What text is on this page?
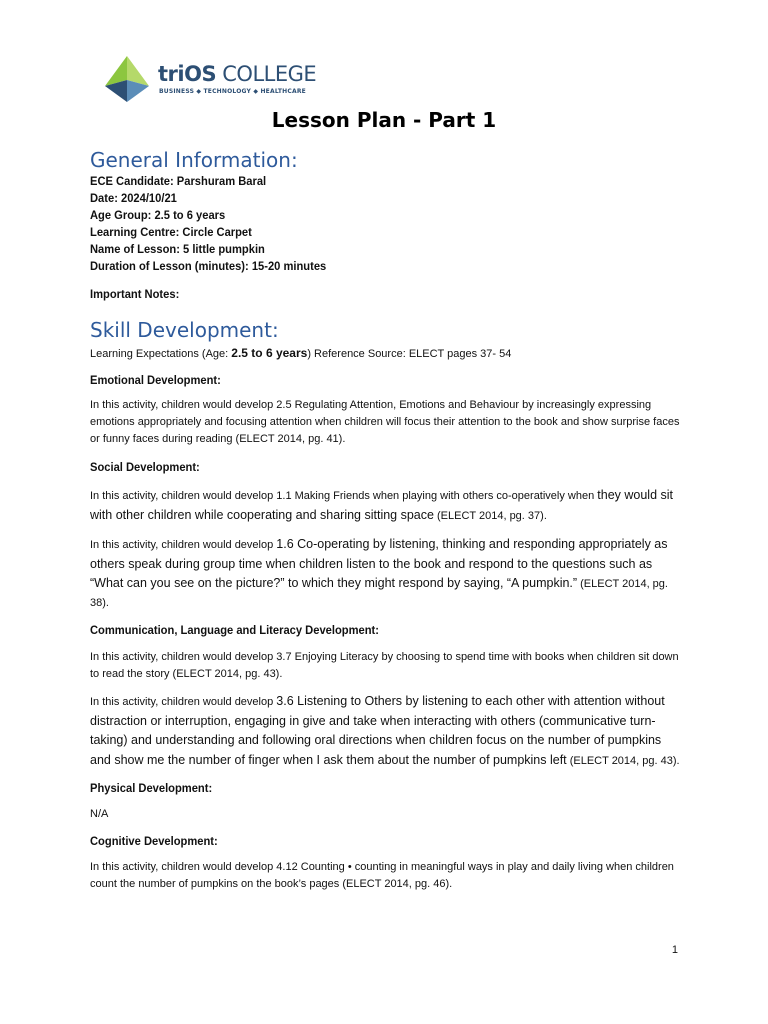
triOS COLLEGE
BUSINESS ◆ TECHNOLOGY ◆ HEALTHCARE
Lesson Plan - Part 1
General Information:
ECE Candidate: Parshuram Baral
Date: 2024/10/21
Age Group: 2.5 to 6 years
Learning Centre: Circle Carpet
Name of Lesson: 5 little pumpkin
Duration of Lesson (minutes): 15-20 minutes
Important Notes:
Skill Development:

Learning Expectations (Age: 2.5 to 6 years) Reference Source: ELECT pages 37- 54

Emotional Development:

In this activity, children would develop 2.5 Regulating Attention, Emotions and Behaviour by increasingly expressing emotions appropriately and focusing attention when children will focus their attention to the book and show surprise faces or funny faces during reading (ELECT 2014, pg. 41).

Social Development:

In this activity, children would develop 1.1 Making Friends when playing with others co-operatively when they would sit with other children while cooperating and sharing sitting space (ELECT 2014, pg. 37).

In this activity, children would develop 1.6 Co-operating by listening, thinking and responding appropriately as others speak during group time when children listen to the book and respond to the questions such as “What can you see on the picture?” to which they might respond by saying, “A pumpkin.” (ELECT 2014, pg. 38).

Communication, Language and Literacy Development:

In this activity, children would develop 3.7 Enjoying Literacy by choosing to spend time with books when children sit down to read the story (ELECT 2014, pg. 43).

In this activity, children would develop 3.6 Listening to Others by listening to each other with attention without distraction or interruption, engaging in give and take when interacting with others (communicative turn-taking) and understanding and following oral directions when children focus on the number of pumpkins and show me the number of finger when I ask them about the number of pumpkins left (ELECT 2014, pg. 43).

Physical Development:

N/A

Cognitive Development:

In this activity, children would develop 4.12 Counting • counting in meaningful ways in play and daily living when children count the number of pumpkins on the book’s pages (ELECT 2014, pg. 46).

1
